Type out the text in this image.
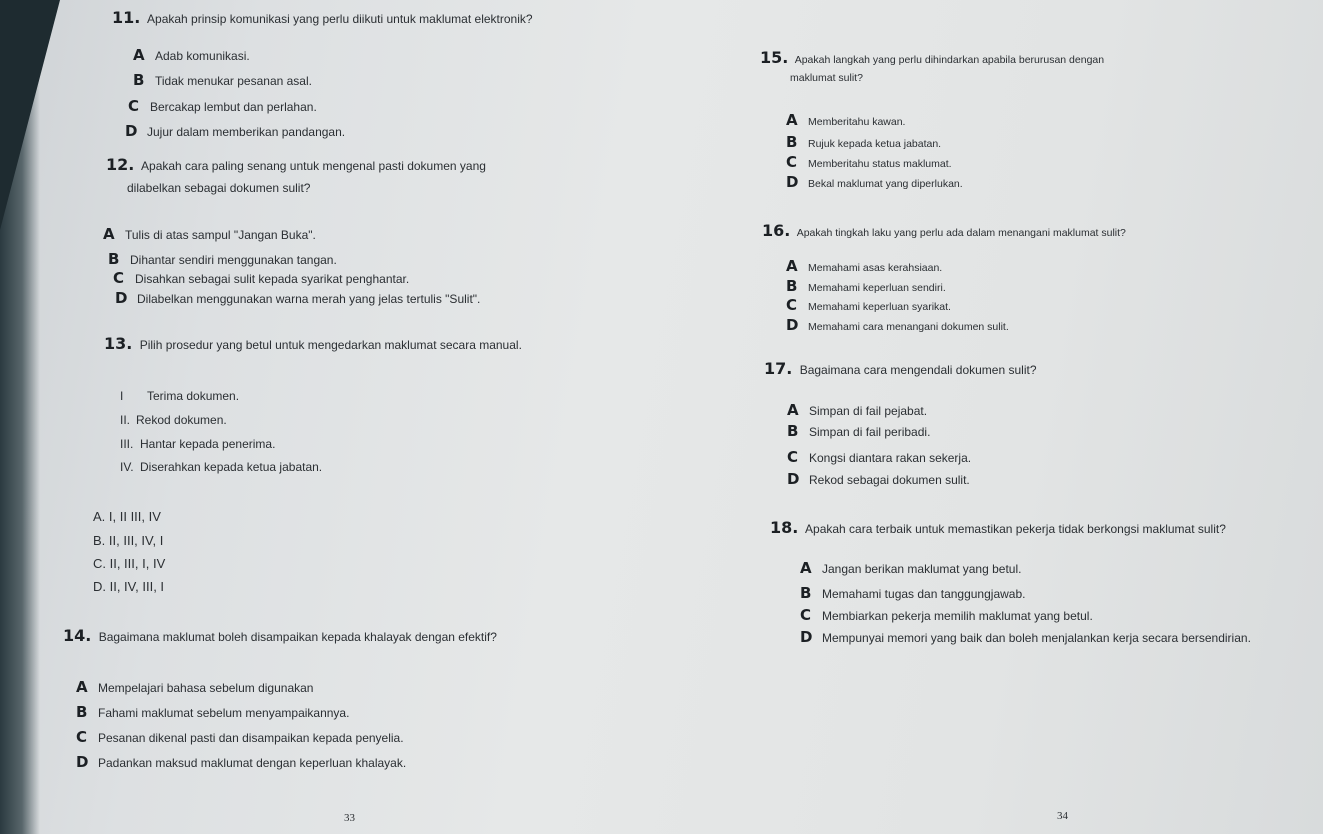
11. Apakah prinsip komunikasi yang perlu diikuti untuk maklumat elektronik?
A Adab komunikasi.
B Tidak menukar pesanan asal.
C Bercakap lembut dan perlahan.
D Jujur dalam memberikan pandangan.
12. Apakah cara paling senang untuk mengenal pasti dokumen yang
dilabelkan sebagai dokumen sulit?
A Tulis di atas sampul "Jangan Buka".
B Dihantar sendiri menggunakan tangan.
C Disahkan sebagai sulit kepada syarikat penghantar.
D Dilabelkan menggunakan warna merah yang jelas tertulis "Sulit".
13. Pilih prosedur yang betul untuk mengedarkan maklumat secara manual.
I Terima dokumen.
II. Rekod dokumen.
III. Hantar kepada penerima.
IV. Diserahkan kepada ketua jabatan.
A. I, II III, IV
B. II, III, IV, I
C. II, III, I, IV
D. II, IV, III, I
14. Bagaimana maklumat boleh disampaikan kepada khalayak dengan efektif?
A Mempelajari bahasa sebelum digunakan
B Fahami maklumat sebelum menyampaikannya.
C Pesanan dikenal pasti dan disampaikan kepada penyelia.
D Padankan maksud maklumat dengan keperluan khalayak.
33
15. Apakah langkah yang perlu dihindarkan apabila berurusan dengan
maklumat sulit?
A Memberitahu kawan.
B Rujuk kepada ketua jabatan.
C Memberitahu status maklumat.
D Bekal maklumat yang diperlukan.
16. Apakah tingkah laku yang perlu ada dalam menangani maklumat sulit?
A Memahami asas kerahsiaan.
B Memahami keperluan sendiri.
C Memahami keperluan syarikat.
D Memahami cara menangani dokumen sulit.
17. Bagaimana cara mengendali dokumen sulit?
A Simpan di fail pejabat.
B Simpan di fail peribadi.
C Kongsi diantara rakan sekerja.
D Rekod sebagai dokumen sulit.
18. Apakah cara terbaik untuk memastikan pekerja tidak berkongsi maklumat sulit?
A Jangan berikan maklumat yang betul.
B Memahami tugas dan tanggungjawab.
C Membiarkan pekerja memilih maklumat yang betul.
D Mempunyai memori yang baik dan boleh menjalankan kerja secara bersendirian.
34
